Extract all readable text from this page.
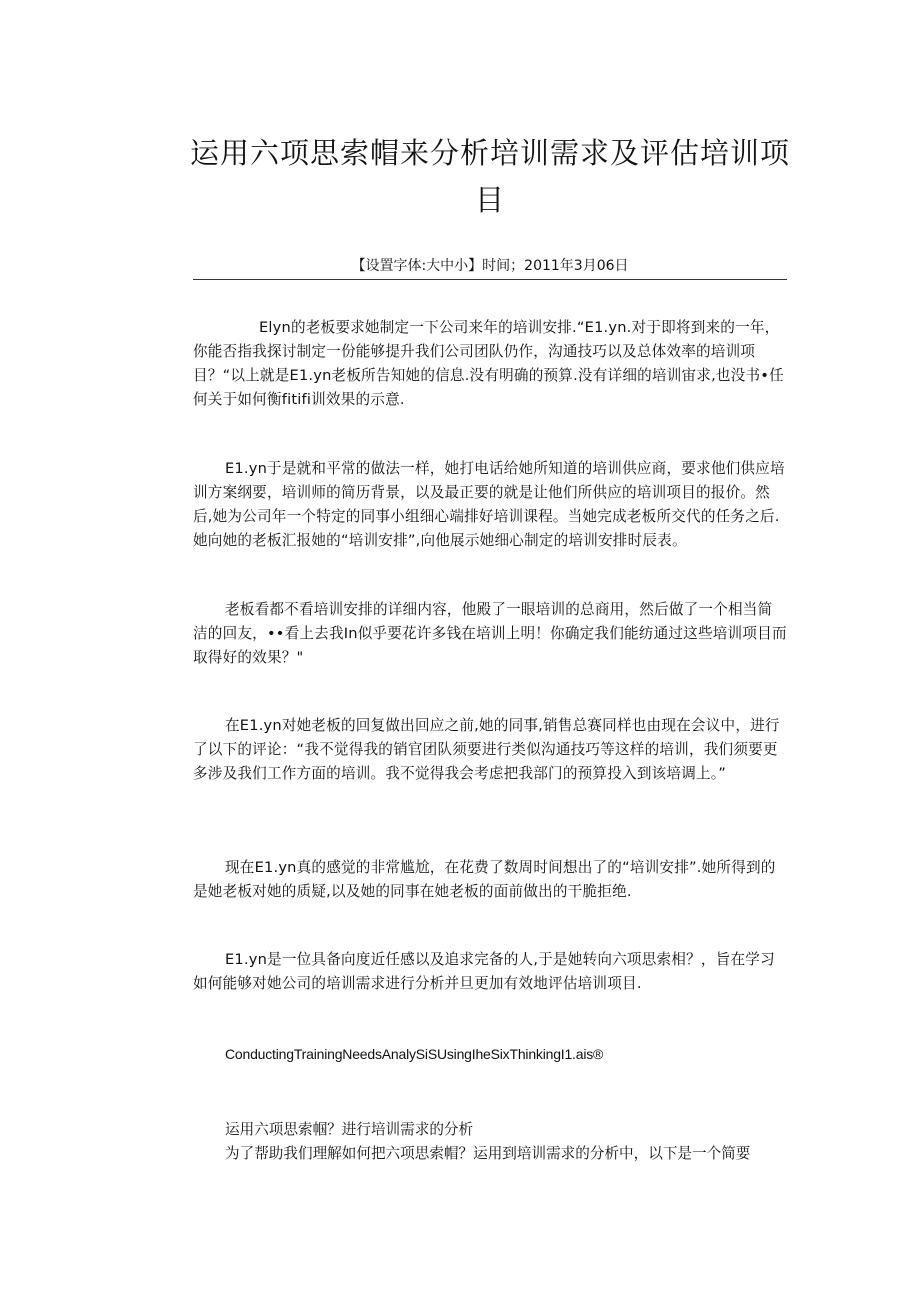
运用六项思索帽来分析培训需求及评估培训项目
【设置字体:大中小】时间；2011年3月06日

Elyn的老板要求她制定一下公司来年的培训安排.“E1.yn.对于即将到来的一年，你能否指我探讨制定一份能够提升我们公司团队仍作，沟通技巧以及总体效率的培训项目？“以上就是E1.yn老板所告知她的信息.没有明确的预算.没有详细的培训宙求,也没书•任何关于如何衡fitifi训效果的示意.

E1.yn于是就和平常的做法一样，她打电话给她所知道的培训供应商，要求他们供应培训方案纲要，培训师的简历背景，以及最正要的就是让他们所供应的培训项目的报价。然后,她为公司年一个特定的同事小组细心端排好培训课程。当她完成老板所交代的任务之后.她向她的老板汇报她的“培训安排”,向他展示她细心制定的培训安排时辰表。

老板看都不看培训安排的详细内容，他殿了一眼培训的总商用，然后做了一个相当简洁的回友，••看上去我In似乎要花许多钱在培训上明！你确定我们能纺通过这些培训项目而取得好的效果？"

在E1.yn对她老板的回复做出回应之前,她的同事,销售总赛同样也由现在会议中，进行了以下的评论：“我不觉得我的销官团队须要进行类似沟通技巧等这样的培训，我们须要更多涉及我们工作方面的培训。我不觉得我会考虑把我部门的预算投入到该培调上。”

现在E1.yn真的感觉的非常尴尬，在花费了数周时间想出了的“培训安排”.她所得到的是她老板对她的质疑,以及她的同事在她老板的面前做出的干脆拒绝.

E1.yn是一位具备向度近任感以及追求完备的人,于是她转向六项思索相？，旨在学习如何能够对她公司的培训需求进行分析并旦更加有效地评估培训项目.

ConductingTrainingNeedsAnalySiSUsingIheSixThinkingI1.ais®

运用六项思索帼？进行培训需求的分析

为了帮助我们理解如何把六项思索帽？运用到培训需求的分析中，以下是一个简要
